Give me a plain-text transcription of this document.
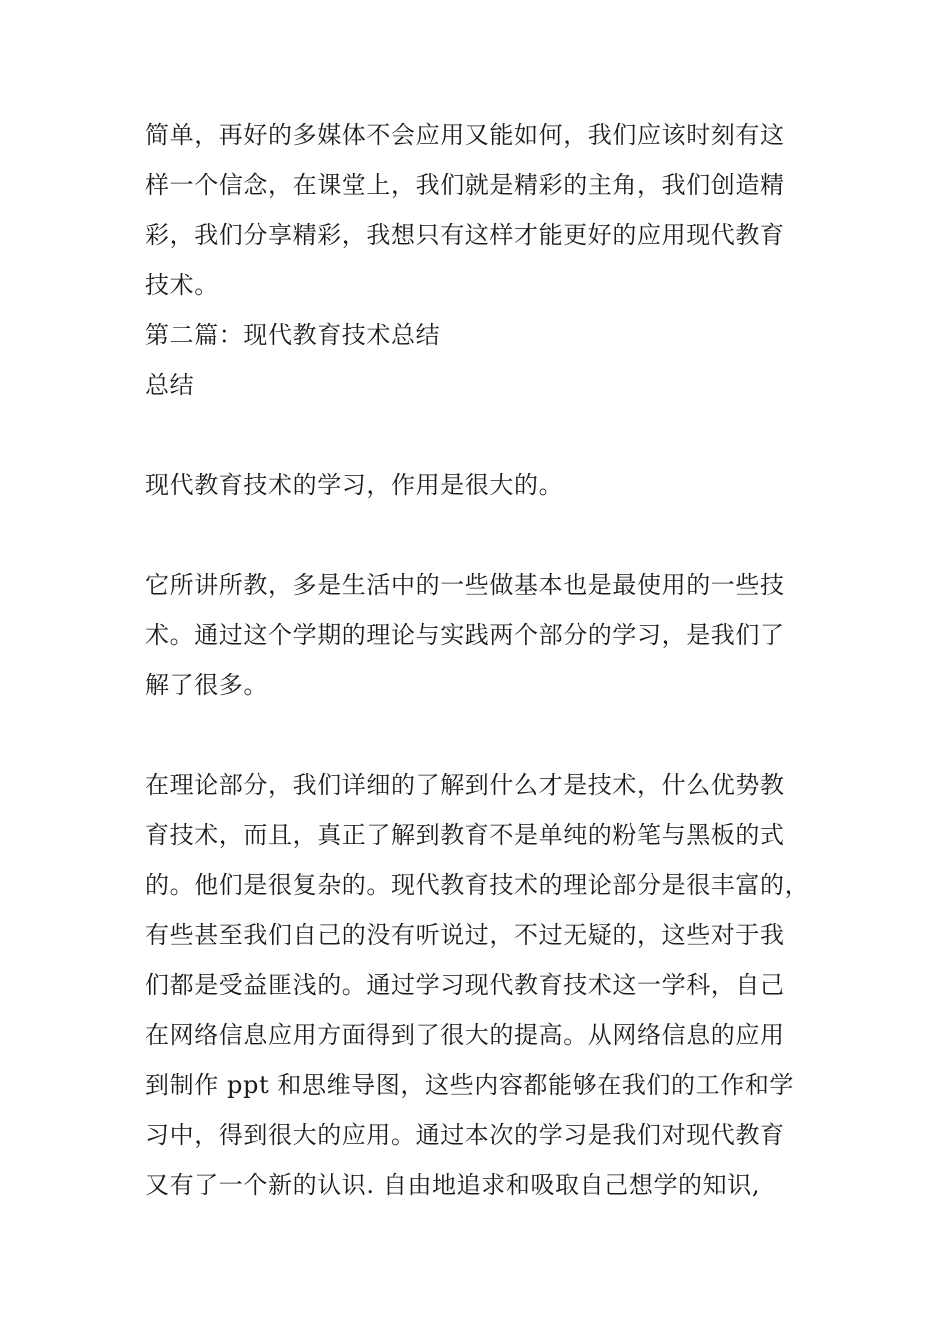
简单，再好的多媒体不会应用又能如何，我们应该时刻有这
样一个信念，在课堂上，我们就是精彩的主角，我们创造精
彩，我们分享精彩，我想只有这样才能更好的应用现代教育
技术。
第二篇：现代教育技术总结
总结
现代教育技术的学习，作用是很大的。
它所讲所教，多是生活中的一些做基本也是最使用的一些技
术。通过这个学期的理论与实践两个部分的学习，是我们了
解了很多。
在理论部分，我们详细的了解到什么才是技术，什么优势教
育技术，而且，真正了解到教育不是单纯的粉笔与黑板的式
的。他们是很复杂的。现代教育技术的理论部分是很丰富的，
有些甚至我们自己的没有听说过，不过无疑的，这些对于我
们都是受益匪浅的。通过学习现代教育技术这一学科，自己
在网络信息应用方面得到了很大的提高。从网络信息的应用
到制作 ppt 和思维导图，这些内容都能够在我们的工作和学
习中，得到很大的应用。通过本次的学习是我们对现代教育
又有了一个新的认识. 自由地追求和吸取自己想学的知识,
